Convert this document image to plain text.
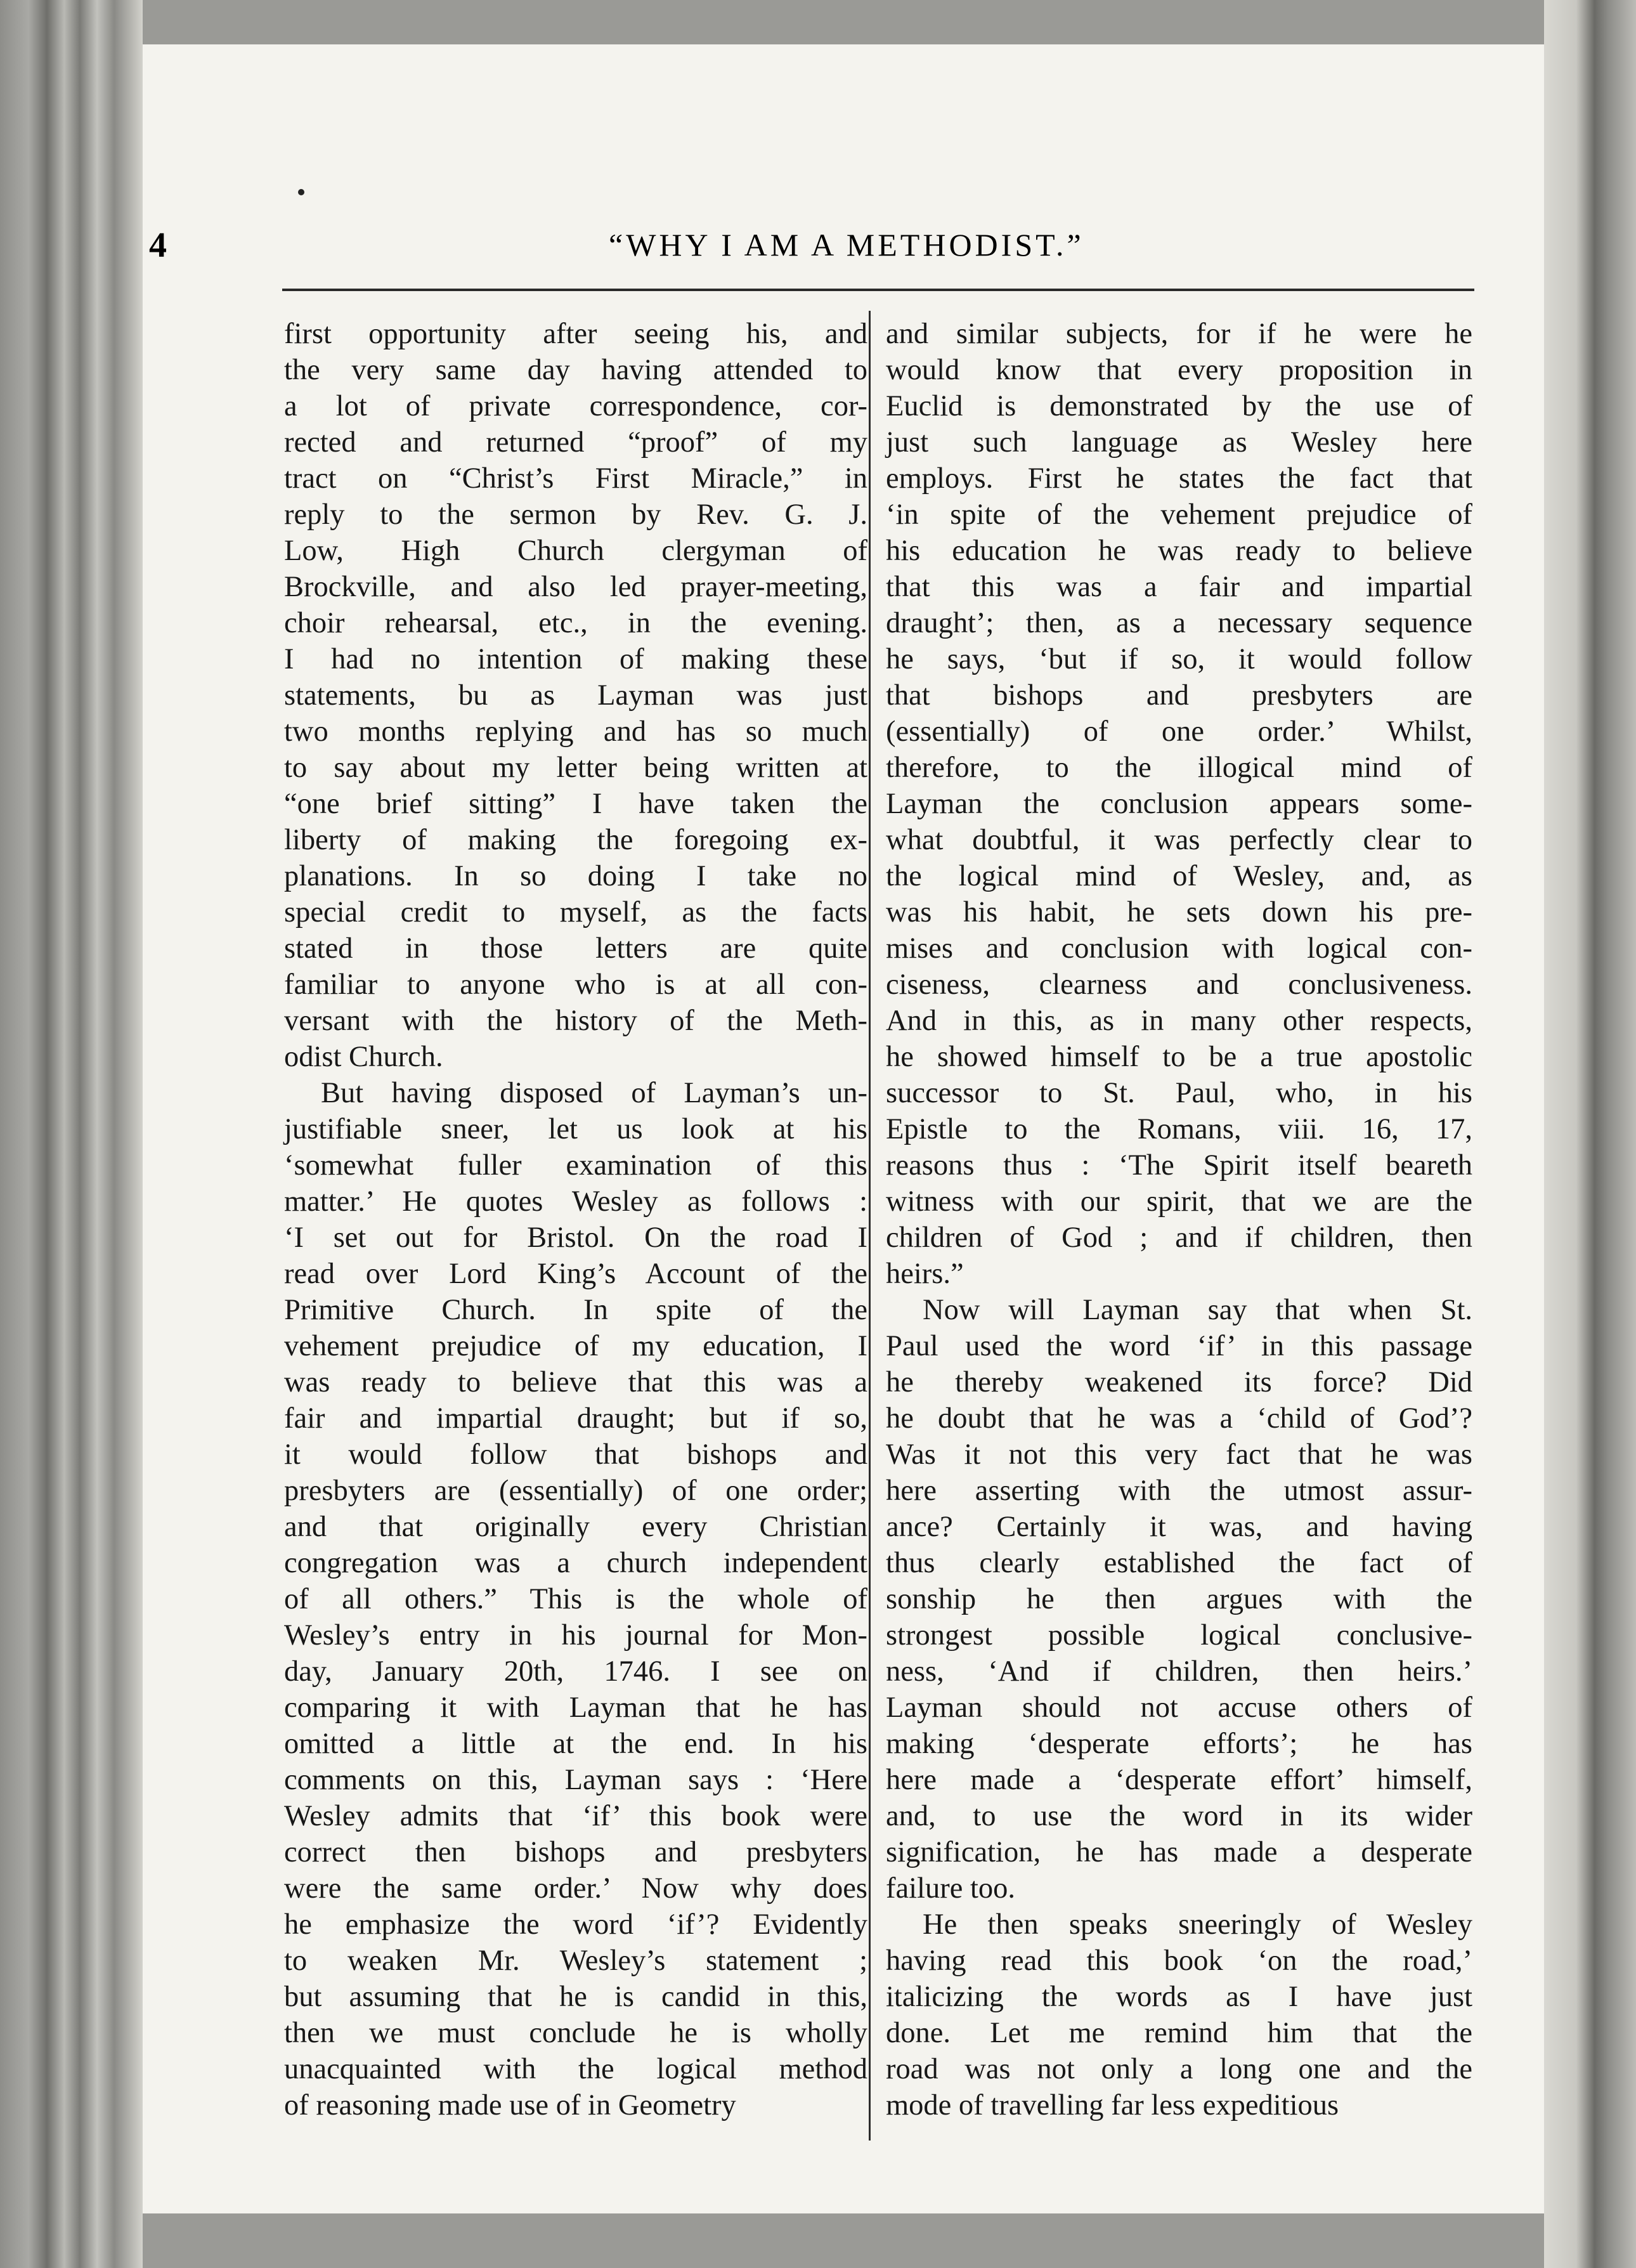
4	“WHY I AM A METHODIST.”
first opportunity after seeing his, and
the very same day having attended to
a lot of private correspondence, cor-
rected and returned “proof” of my
tract on “Christ’s First Miracle,” in
reply to the sermon by Rev. G. J.
Low, High Church clergyman of
Brockville, and also led prayer-meeting,
choir rehearsal, etc., in the evening.
I had no intention of making these
statements, bu as Layman was just
two months replying and has so much
to say about my letter being written at
“one brief sitting” I have taken the
liberty of making the foregoing ex-
planations. In so doing I take no
special credit to myself, as the facts
stated in those letters are quite
familiar to anyone who is at all con-
versant with the history of the Meth-
odist Church.
But having disposed of Layman’s un-
justifiable sneer, let us look at his
‘somewhat fuller examination of this
matter.’ He quotes Wesley as follows :
‘I set out for Bristol. On the road I
read over Lord King’s Account of the
Primitive Church. In spite of the
vehement prejudice of my education, I
was ready to believe that this was a
fair and impartial draught; but if so,
it would follow that bishops and
presbyters are (essentially) of one order;
and that originally every Christian
congregation was a church independent
of all others.” This is the whole of
Wesley’s entry in his journal for Mon-
day, January 20th, 1746. I see on
comparing it with Layman that he has
omitted a little at the end. In his
comments on this, Layman says : ‘Here
Wesley admits that ‘if’ this book were
correct then bishops and presbyters
were the same order.’ Now why does
he emphasize the word ‘if’? Evidently
to weaken Mr. Wesley’s statement ;
but assuming that he is candid in this,
then we must conclude he is wholly
unacquainted with the logical method
of reasoning made use of in Geometry
and similar subjects, for if he were he
would know that every proposition in
Euclid is demonstrated by the use of
just such language as Wesley here
employs. First he states the fact that
‘in spite of the vehement prejudice of
his education he was ready to believe
that this was a fair and impartial
draught’; then, as a necessary sequence
he says, ‘but if so, it would follow
that bishops and presbyters are
(essentially) of one order.’ Whilst,
therefore, to the illogical mind of
Layman the conclusion appears some-
what doubtful, it was perfectly clear to
the logical mind of Wesley, and, as
was his habit, he sets down his pre-
mises and conclusion with logical con-
ciseness, clearness and conclusiveness.
And in this, as in many other respects,
he showed himself to be a true apostolic
successor to St. Paul, who, in his
Epistle to the Romans, viii. 16, 17,
reasons thus : ‘The Spirit itself beareth
witness with our spirit, that we are the
children of God ; and if children, then
heirs.”
Now will Layman say that when St.
Paul used the word ‘if’ in this passage
he thereby weakened its force? Did
he doubt that he was a ‘child of God’?
Was it not this very fact that he was
here asserting with the utmost assur-
ance? Certainly it was, and having
thus clearly established the fact of
sonship he then argues with the
strongest possible logical conclusive-
ness, ‘And if children, then heirs.’
Layman should not accuse others of
making ‘desperate efforts’; he has
here made a ‘desperate effort’ himself,
and, to use the word in its wider
signification, he has made a desperate
failure too.
He then speaks sneeringly of Wesley
having read this book ‘on the road,’
italicizing the words as I have just
done. Let me remind him that the
road was not only a long one and the
mode of travelling far less expeditious
